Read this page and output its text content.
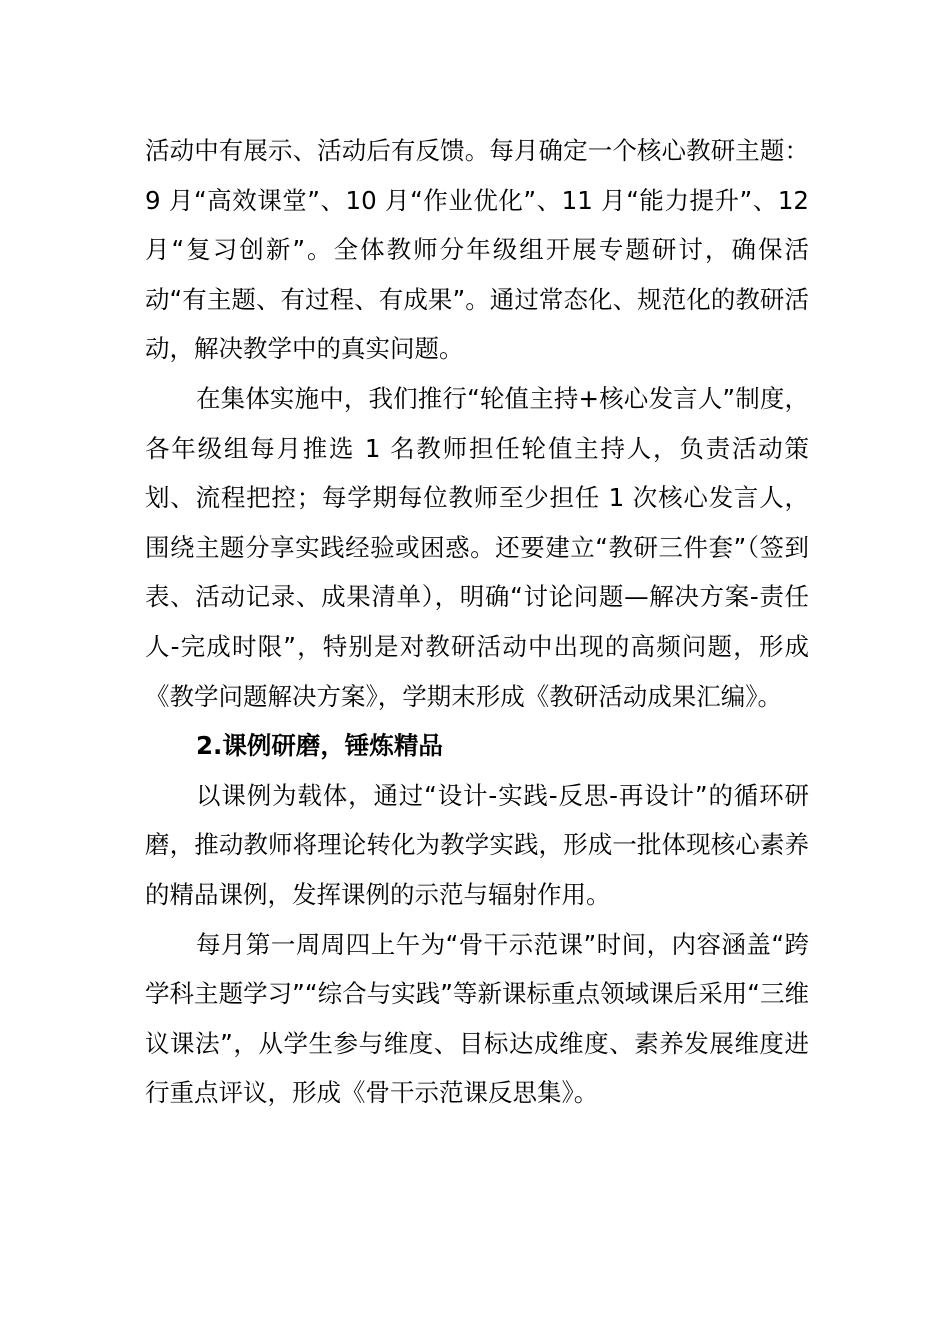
活动中有展示、活动后有反馈。每月确定一个核心教研主题：9 月“高效课堂”、10 月“作业优化”、11 月“能力提升”、12 月“复习创新”。全体教师分年级组开展专题研讨，确保活动“有主题、有过程、有成果”。通过常态化、规范化的教研活动，解决教学中的真实问题。

在集体实施中，我们推行“轮值主持+核心发言人”制度，各年级组每月推选 1 名教师担任轮值主持人，负责活动策划、流程把控；每学期每位教师至少担任 1 次核心发言人，围绕主题分享实践经验或困惑。还要建立“教研三件套”（签到表、活动记录、成果清单），明确“讨论问题—解决方案-责任人-完成时限”，特别是对教研活动中出现的高频问题，形成《教学问题解决方案》，学期末形成《教研活动成果汇编》。

2.课例研磨，锤炼精品

以课例为载体，通过“设计-实践-反思-再设计”的循环研磨，推动教师将理论转化为教学实践，形成一批体现核心素养的精品课例，发挥课例的示范与辐射作用。

每月第一周周四上午为“骨干示范课”时间，内容涵盖“跨学科主题学习”“综合与实践”等新课标重点领域课后采用“三维议课法”，从学生参与维度、目标达成维度、素养发展维度进行重点评议，形成《骨干示范课反思集》。
